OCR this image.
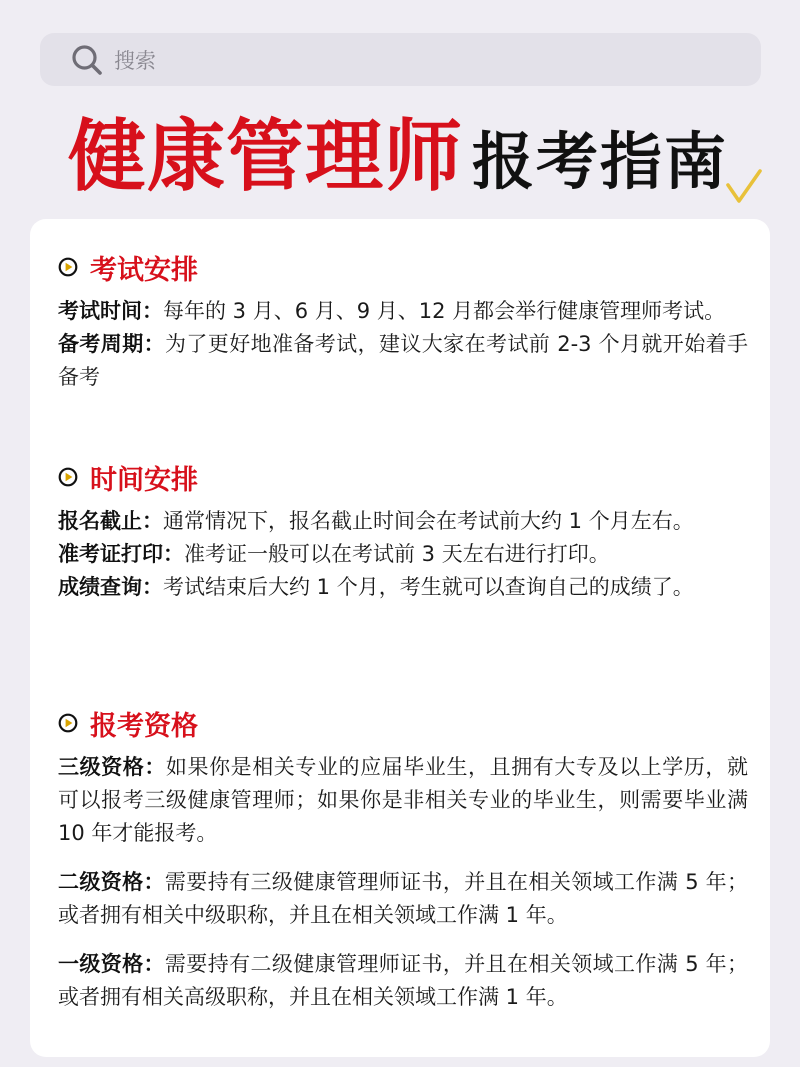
搜索
健康管理师 报考指南
考试安排

考试时间：每年的 3 月、6 月、9 月、12 月都会举行健康管理师考试。

备考周期：为了更好地准备考试，建议大家在考试前 2-3 个月就开始着手备考

时间安排

报名截止：通常情况下，报名截止时间会在考试前大约 1 个月左右。

准考证打印：准考证一般可以在考试前 3 天左右进行打印。

成绩查询：考试结束后大约 1 个月，考生就可以查询自己的成绩了。

报考资格

三级资格：如果你是相关专业的应届毕业生，且拥有大专及以上学历，就可以报考三级健康管理师；如果你是非相关专业的毕业生，则需要毕业满 10 年才能报考。

二级资格：需要持有三级健康管理师证书，并且在相关领域工作满 5 年；或者拥有相关中级职称，并且在相关领域工作满 1 年。

一级资格：需要持有二级健康管理师证书，并且在相关领域工作满 5 年；或者拥有相关高级职称，并且在相关领域工作满 1 年。
